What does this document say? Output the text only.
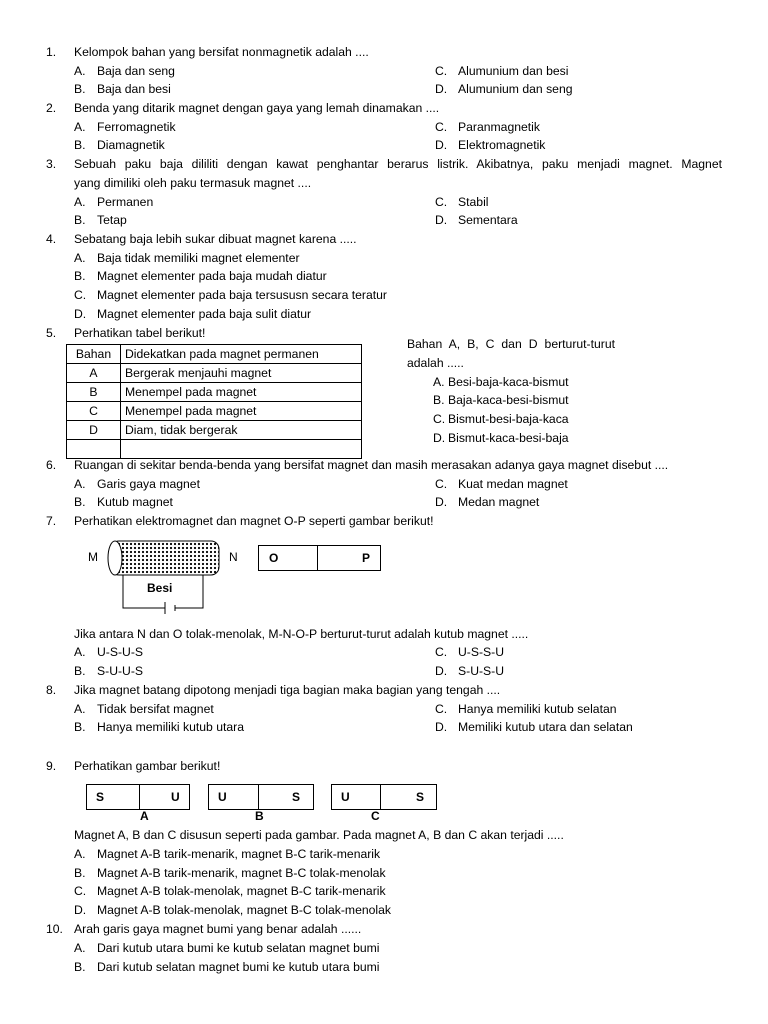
1. Kelompok bahan yang bersifat nonmagnetik adalah ....
A. Baja dan seng
B. Baja dan besi
C. Alumunium dan besi
D. Alumunium dan seng
2. Benda yang ditarik magnet dengan gaya yang lemah dinamakan ....
A. Ferromagnetik
B. Diamagnetik
C. Paranmagnetik
D. Elektromagnetik
3. Sebuah paku baja dililiti dengan kawat penghantar berarus listrik. Akibatnya, paku menjadi magnet. Magnet
yang dimiliki oleh paku termasuk magnet ....
A. Permanen
B. Tetap
C. Stabil
D. Sementara
4. Sebatang baja lebih sukar dibuat magnet karena .....
A. Baja tidak memiliki magnet elementer
B. Magnet elementer pada baja mudah diatur
C. Magnet elementer pada baja tersususn secara teratur
D. Magnet elementer pada baja sulit diatur
5. Perhatikan tabel berikut!
Bahan	Didekatkan pada magnet permanen
A	Bergerak menjauhi magnet
B	Menempel pada magnet
C	Menempel pada magnet
D	Diam, tidak bergerak

Bahan A, B, C dan D berturut-turut
adalah .....
A. Besi-baja-kaca-bismut
B. Baja-kaca-besi-bismut
C. Bismut-besi-baja-kaca
D. Bismut-kaca-besi-baja
6. Ruangan di sekitar benda-benda yang bersifat magnet dan masih merasakan adanya gaya magnet disebut ....
A. Garis gaya magnet
B. Kutub magnet
C. Kuat medan magnet
D. Medan magnet
7. Perhatikan elektromagnet dan magnet O-P seperti gambar berikut!
M	N
Besi
O	P
Jika antara N dan O tolak-menolak, M-N-O-P berturut-turut adalah kutub magnet .....
A. U-S-U-S
B. S-U-U-S
C. U-S-S-U
D. S-U-S-U
8. Jika magnet batang dipotong menjadi tiga bagian maka bagian yang tengah ....
A. Tidak bersifat magnet
B. Hanya memiliki kutub utara
C. Hanya memiliki kutub selatan
D. Memiliki kutub utara dan selatan
9. Perhatikan gambar berikut!
S	U	U	S	U	S
A	B	C
Magnet A, B dan C disusun seperti pada gambar. Pada magnet A, B dan C akan terjadi .....
A. Magnet A-B tarik-menarik, magnet B-C tarik-menarik
B. Magnet A-B tarik-menarik, magnet B-C tolak-menolak
C. Magnet A-B tolak-menolak, magnet B-C tarik-menarik
D. Magnet A-B tolak-menolak, magnet B-C tolak-menolak
10. Arah garis gaya magnet bumi yang benar adalah ......
A. Dari kutub utara bumi ke kutub selatan magnet bumi
B. Dari kutub selatan magnet bumi ke kutub utara bumi
